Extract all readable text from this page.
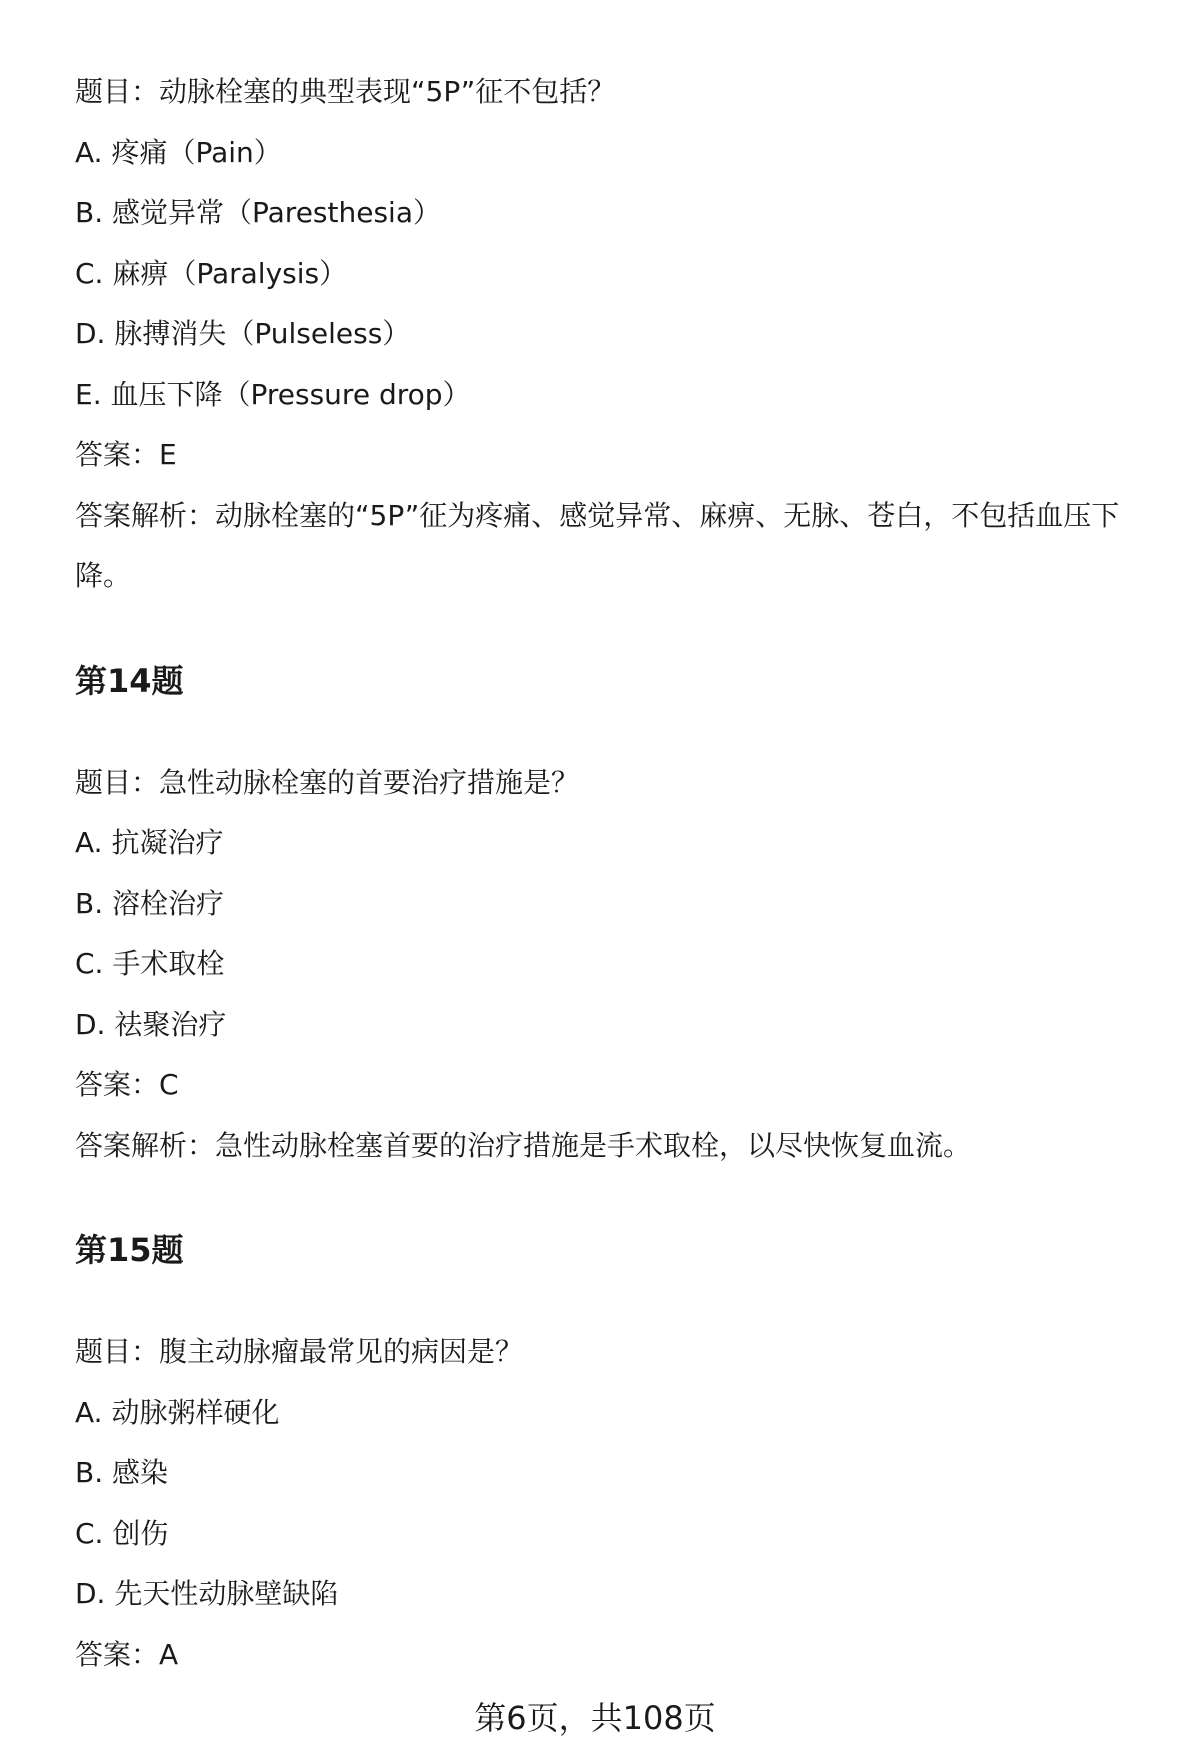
题目：动脉栓塞的典型表现“5P”征不包括？
A. 疼痛（Pain）
B. 感觉异常（Paresthesia）
C. 麻痹（Paralysis）
D. 脉搏消失（Pulseless）
E. 血压下降（Pressure drop）
答案：E
答案解析：动脉栓塞的“5P”征为疼痛、感觉异常、麻痹、无脉、苍白，不包括血压下降。
第14题
题目：急性动脉栓塞的首要治疗措施是？
A. 抗凝治疗
B. 溶栓治疗
C. 手术取栓
D. 祛聚治疗
答案：C
答案解析：急性动脉栓塞首要的治疗措施是手术取栓，以尽快恢复血流。
第15题
题目：腹主动脉瘤最常见的病因是？
A. 动脉粥样硬化
B. 感染
C. 创伤
D. 先天性动脉壁缺陷
答案：A
第6页，共108页
